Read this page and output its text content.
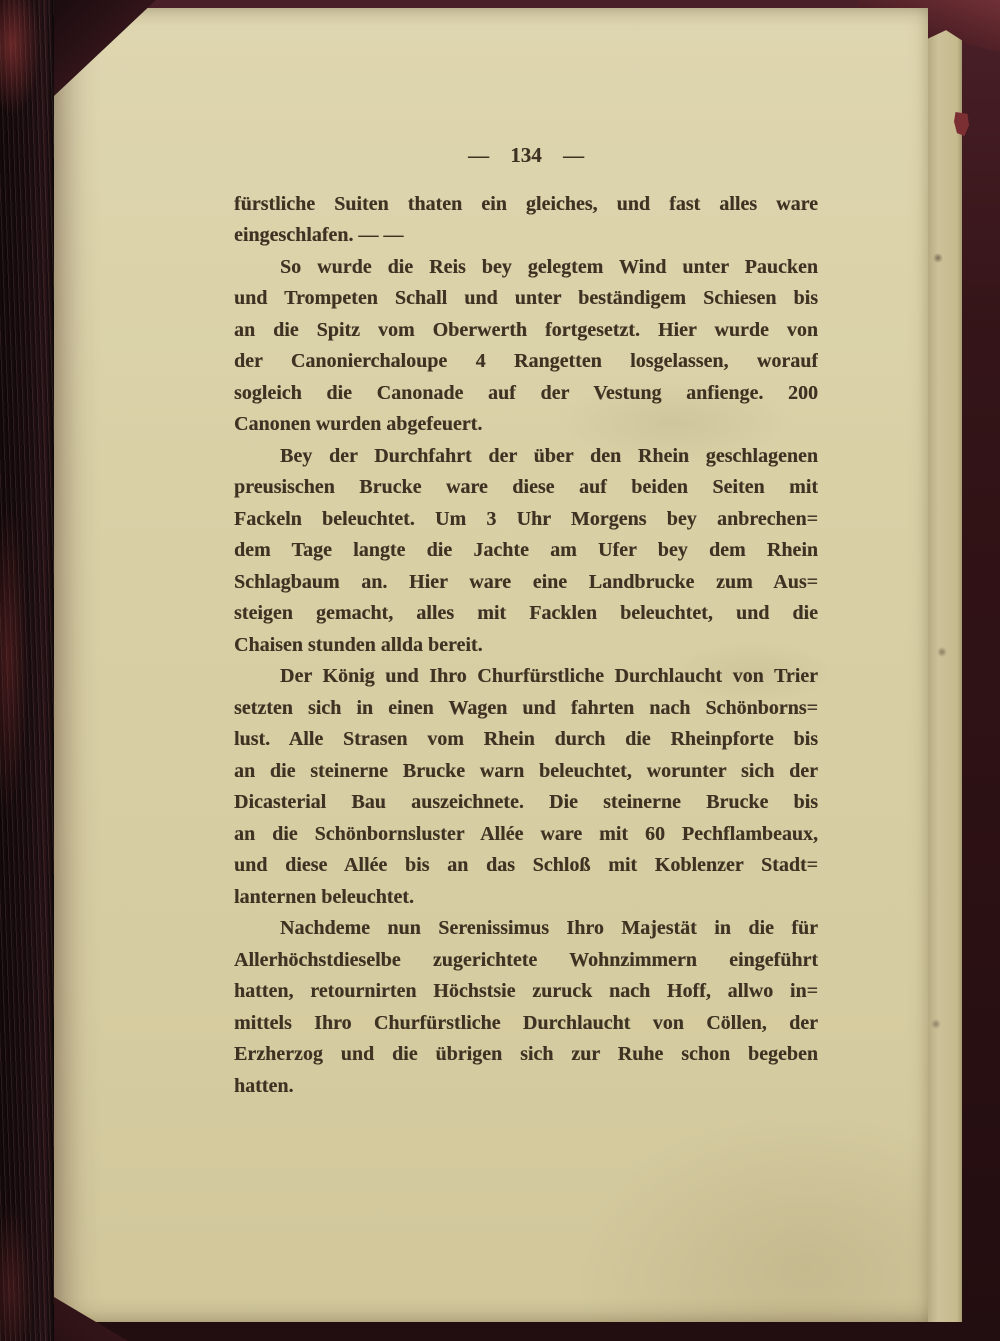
— 134 —
fürstliche Suiten thaten ein gleiches, und fast alles ware
eingeschlafen. — —
So wurde die Reis bey gelegtem Wind unter Paucken
und Trompeten Schall und unter beständigem Schiesen bis
an die Spitz vom Oberwerth fortgesetzt. Hier wurde von
der Canonierchaloupe 4 Rangetten losgelassen, worauf
sogleich die Canonade auf der Vestung anfienge. 200
Canonen wurden abgefeuert.
Bey der Durchfahrt der über den Rhein geschlagenen
preusischen Brucke ware diese auf beiden Seiten mit
Fackeln beleuchtet. Um 3 Uhr Morgens bey anbrechen=
dem Tage langte die Jachte am Ufer bey dem Rhein
Schlagbaum an. Hier ware eine Landbrucke zum Aus=
steigen gemacht, alles mit Facklen beleuchtet, und die
Chaisen stunden allda bereit.
Der König und Ihro Churfürstliche Durchlaucht von Trier
setzten sich in einen Wagen und fahrten nach Schönborns=
lust. Alle Strasen vom Rhein durch die Rheinpforte bis
an die steinerne Brucke warn beleuchtet, worunter sich der
Dicasterial Bau auszeichnete. Die steinerne Brucke bis
an die Schönbornsluster Allée ware mit 60 Pechflambeaux,
und diese Allée bis an das Schloß mit Koblenzer Stadt=
lanternen beleuchtet.
Nachdeme nun Serenissimus Ihro Majestät in die für
Allerhöchstdieselbe zugerichtete Wohnzimmern eingeführt
hatten, retournirten Höchstsie zuruck nach Hoff, allwo in=
mittels Ihro Churfürstliche Durchlaucht von Cöllen, der
Erzherzog und die übrigen sich zur Ruhe schon begeben
hatten.
